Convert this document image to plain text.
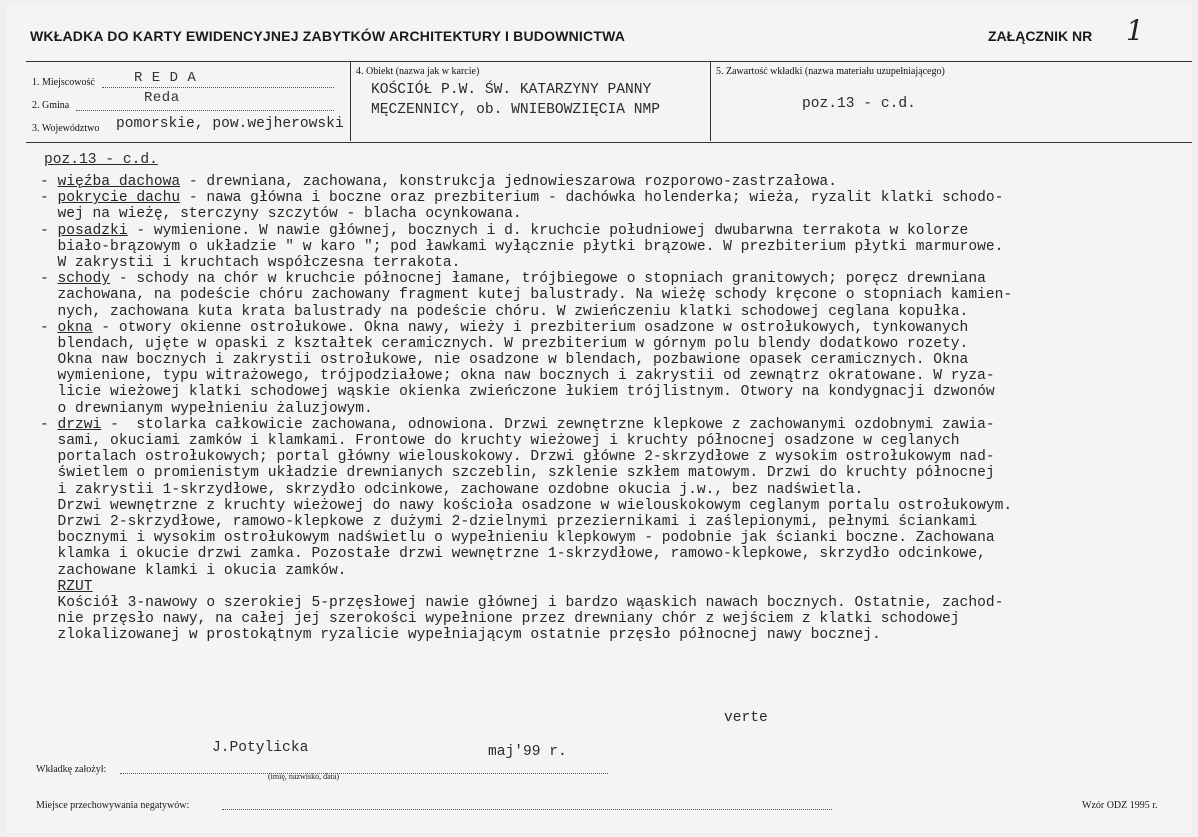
WKŁADKA DO KARTY EWIDENCYJNEJ ZABYTKÓW ARCHITEKTURY I BUDOWNICTWA	ZAŁĄCZNIK NR 1
1. Miejscowość	R E D A
2. Gmina	Reda
3. Województwo pomorskie, pow.wejherowski
4. Obiekt (nazwa jak w karcie)
KOŚCIÓŁ P.W. ŚW. KATARZYNY PANNY
MĘCZENNICY, ob. WNIEBOWZIĘCIA NMP
5. Zawartość wkładki (nazwa materiału uzupełniającego)
poz.13 - c.d.
poz.13 - c.d.
- więźba dachowa - drewniana, zachowana, konstrukcja jednowieszarowa rozporowo-zastrzałowa.
- pokrycie dachu - nawa główna i boczne oraz prezbiterium - dachówka holenderka; wieża, ryzalit klatki schodo-
wej na wieżę, sterczyny szczytów - blacha ocynkowana.
- posadzki - wymienione. W nawie głównej, bocznych i d. kruchcie południowej dwubarwna terrakota w kolorze
biało-brązowym o układzie " w karo "; pod ławkami wyłącznie płytki brązowe. W prezbiterium płytki marmurowe.
W zakrystii i kruchtach współczesna terrakota.
- schody - schody na chór w kruchcie północnej łamane, trójbiegowe o stopniach granitowych; poręcz drewniana
zachowana, na podeście chóru zachowany fragment kutej balustrady. Na wieżę schody kręcone o stopniach kamien-
nych, zachowana kuta krata balustrady na podeście chóru. W zwieńczeniu klatki schodowej ceglana kopułka.
- okna - otwory okienne ostrołukowe. Okna nawy, wieży i prezbiterium osadzone w ostrołukowych, tynkowanych
blendach, ujęte w opaski z kształtek ceramicznych. W prezbiterium w górnym polu blendy dodatkowo rozety.
Okna naw bocznych i zakrystii ostrołukowe, nie osadzone w blendach, pozbawione opasek ceramicznych. Okna
wymienione, typu witrażowego, trójpodziałowe; okna naw bocznych i zakrystii od zewnątrz okratowane. W ryza-
licie wieżowej klatki schodowej wąskie okienka zwieńczone łukiem trójlistnym. Otwory na kondygnacji dzwonów
o drewnianym wypełnieniu żaluzjowym.
- drzwi -  stolarka całkowicie zachowana, odnowiona. Drzwi zewnętrzne klepkowe z zachowanymi ozdobnymi zawia-
sami, okuciami zamków i klamkami. Frontowe do kruchty wieżowej i kruchty północnej osadzone w ceglanych
portalach ostrołukowych; portal główny wielouskokowy. Drzwi główne 2-skrzydłowe z wysokim ostrołukowym nad-
świetlem o promienistym układzie drewnianych szczeblin, szklenie szkłem matowym. Drzwi do kruchty północnej
i zakrystii 1-skrzydłowe, skrzydło odcinkowe, zachowane ozdobne okucia j.w., bez nadświetla.
Drzwi wewnętrzne z kruchty wieżowej do nawy kościoła osadzone w wielouskokowym ceglanym portalu ostrołukowym.
Drzwi 2-skrzydłowe, ramowo-klepkowe z dużymi 2-dzielnymi przeziernikami i zaślepionymi, pełnymi ściankami
bocznymi i wysokim ostrołukowym nadświetlu o wypełnieniu klepkowym - podobnie jak ścianki boczne. Zachowana
klamka i okucie drzwi zamka. Pozostałe drzwi wewnętrzne 1-skrzydłowe, ramowo-klepkowe, skrzydło odcinkowe,
zachowane klamki i okucia zamków.
RZUT
Kościół 3-nawowy o szerokiej 5-przęsłowej nawie głównej i bardzo wąaskich nawach bocznych. Ostatnie, zachod-
nie przęsło nawy, na całej jej szerokości wypełnione przez drewniany chór z wejściem z klatki schodowej
zlokalizowanej w prostokątnym ryzalicie wypełniającym ostatnie przęsło północnej nawy bocznej.
verte
J.Potylicka	maj'99 r.
Wkładkę założył:
(imię, nazwisko, data)
Miejsce przechowywania negatywów:	Wzór ODZ 1995 r.
